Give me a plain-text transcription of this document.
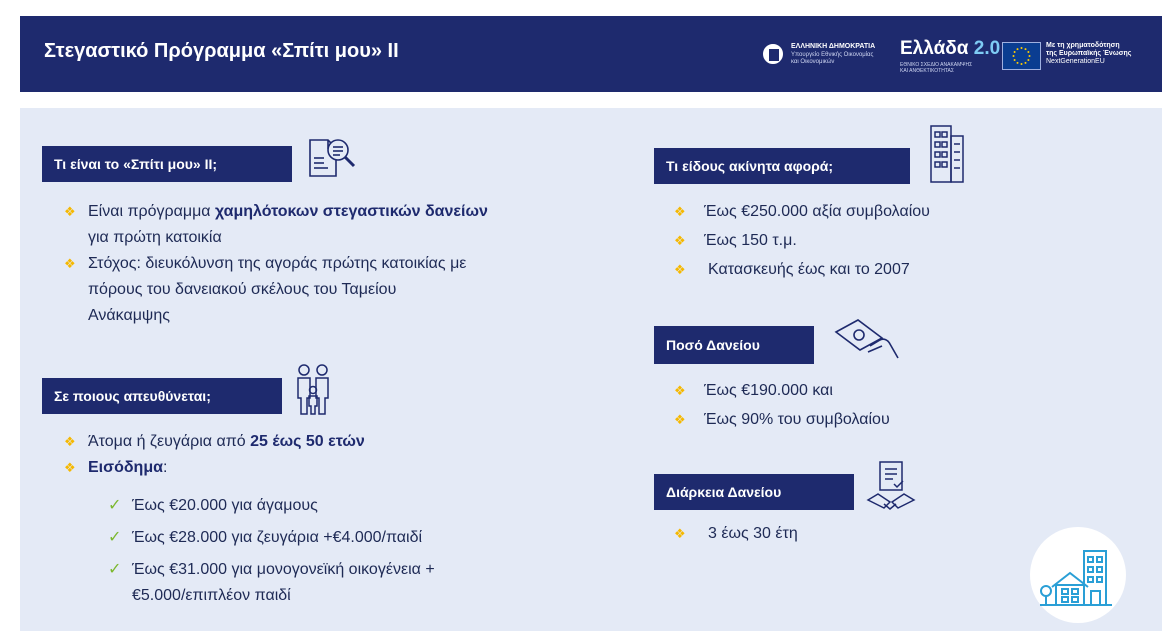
Στεγαστικό Πρόγραμμα «Σπίτι μου» ΙΙ	ΕΛΛΗΝΙΚΗ ΔΗΜΟΚΡΑΤΙΑ
Υπουργείο Εθνικής Οικονομίας
και Οικονομικών
Ελλάδα 2.0
ΕΘΝΙΚΟ ΣΧΕΔΙΟ ΑΝΑΚΑΜΨΗΣ
ΚΑΙ ΑΝΘΕΚΤΙΚΟΤΗΤΑΣ
Με τη χρηματοδότηση
της Ευρωπαϊκής Ένωσης
NextGenerationEU
Τι είναι το «Σπίτι μου» ΙΙ;
❖ Είναι πρόγραμμα χαμηλότοκων στεγαστικών δανείων για πρώτη κατοικία
❖ Στόχος: διευκόλυνση της αγοράς πρώτης κατοικίας με πόρους του δανειακού σκέλους του Ταμείου Ανάκαμψης
Σε ποιους απευθύνεται;
❖ Άτομα ή ζευγάρια από 25 έως 50 ετών
❖ Εισόδημα:
✓ Έως €20.000 για άγαμους
✓ Έως €28.000 για ζευγάρια +€4.000/παιδί
✓ Έως €31.000 για μονογονεϊκή οικογένεια +€5.000/επιπλέον παιδί
Τι είδους ακίνητα αφορά;
❖	Έως €250.000 αξία συμβολαίου
❖	Έως 150 τ.μ.
❖	Κατασκευής έως και το 2007
Ποσό Δανείου
❖	Έως €190.000 και
❖	Έως 90% του συμβολαίου
Διάρκεια Δανείου
❖	3 έως 30 έτη
